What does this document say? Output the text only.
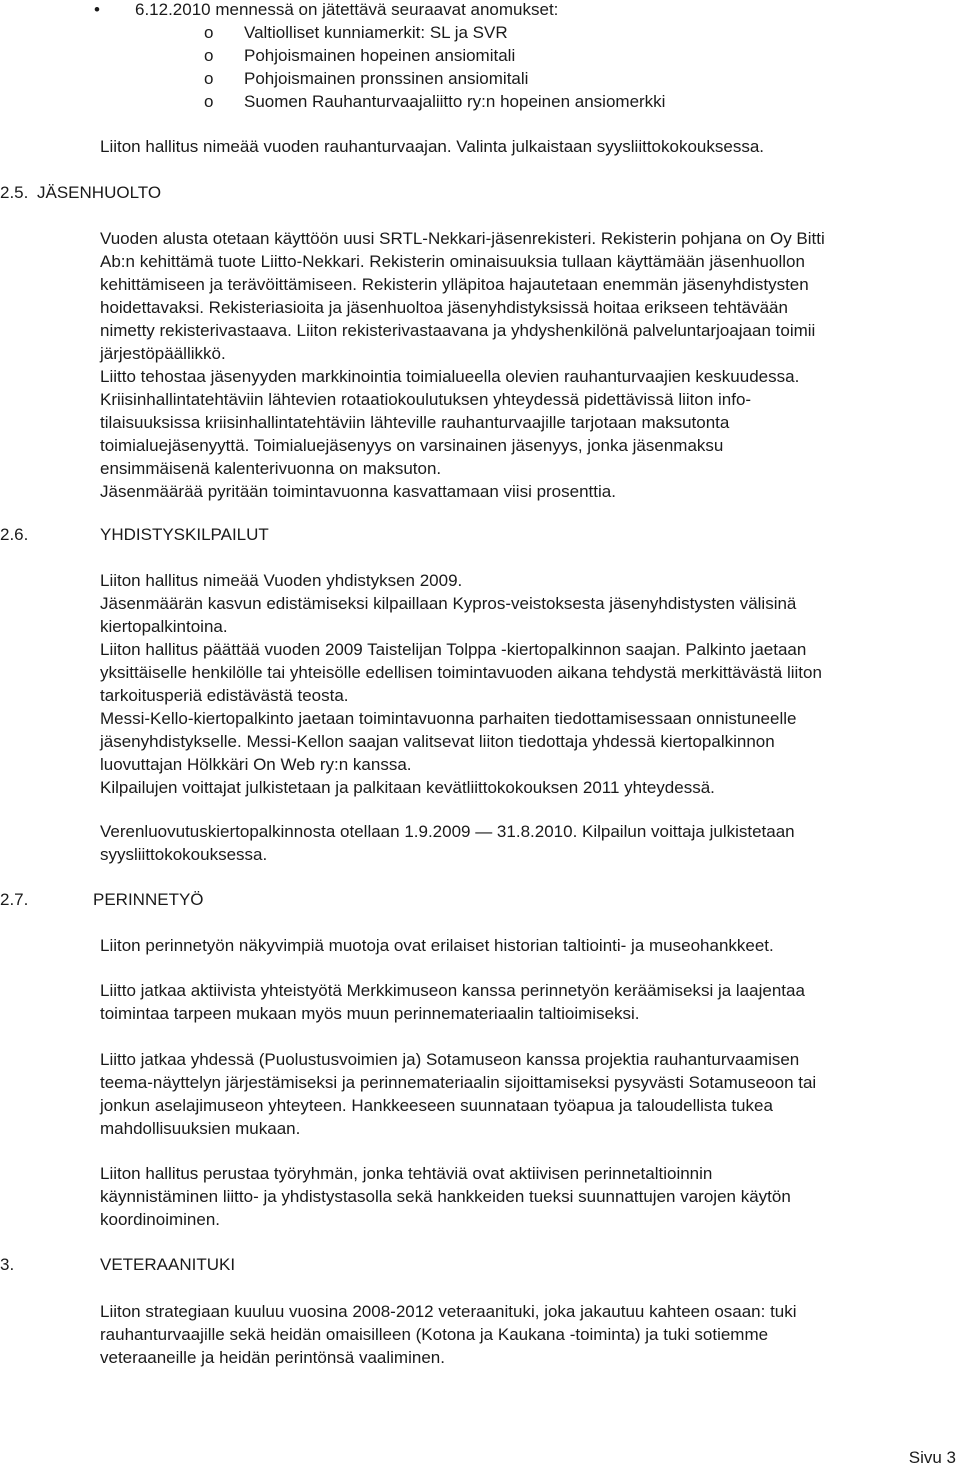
• 6.12.2010 mennessä on jätettävä seuraavat anomukset:
o Valtiolliset kunniamerkit: SL ja SVR
o Pohjoismainen hopeinen ansiomitali
o Pohjoismainen pronssinen ansiomitali
o Suomen Rauhanturvaajaliitto ry:n hopeinen ansiomerkki
Liiton hallitus nimeää vuoden rauhanturvaajan. Valinta julkaistaan syysliittokokouksessa.
2.5. JÄSENHUOLTO
Vuoden alusta otetaan käyttöön uusi SRTL-Nekkari-jäsenrekisteri. Rekisterin pohjana on Oy Bitti
Ab:n kehittämä tuote Liitto-Nekkari. Rekisterin ominaisuuksia tullaan käyttämään jäsenhuollon
kehittämiseen ja terävöittämiseen. Rekisterin ylläpitoa hajautetaan enemmän jäsenyhdistysten
hoidettavaksi. Rekisteriasioita ja jäsenhuoltoa jäsenyhdistyksissä hoitaa erikseen tehtävään
nimetty rekisterivastaava. Liiton rekisterivastaavana ja yhdyshenkilönä palveluntarjoajaan toimii
järjestöpäällikkö.
Liitto tehostaa jäsenyyden markkinointia toimialueella olevien rauhanturvaajien keskuudessa.
Kriisinhallintatehtäviin lähtevien rotaatiokoulutuksen yhteydessä pidettävissä liiton info-
tilaisuuksissa kriisinhallintatehtäviin lähteville rauhanturvaajille tarjotaan maksutonta
toimialuejäsenyyttä. Toimialuejäsenyys on varsinainen jäsenyys, jonka jäsenmaksu
ensimmäisenä kalenterivuonna on maksuton.
Jäsenmäärää pyritään toimintavuonna kasvattamaan viisi prosenttia.
2.6.	YHDISTYSKILPAILUT
Liiton hallitus nimeää Vuoden yhdistyksen 2009.
Jäsenmäärän kasvun edistämiseksi kilpaillaan Kypros-veistoksesta jäsenyhdistysten välisinä
kiertopalkintoina.
Liiton hallitus päättää vuoden 2009 Taistelijan Tolppa -kiertopalkinnon saajan. Palkinto jaetaan
yksittäiselle henkilölle tai yhteisölle edellisen toimintavuoden aikana tehdystä merkittävästä liiton
tarkoitusperiä edistävästä teosta.
Messi-Kello-kiertopalkinto jaetaan toimintavuonna parhaiten tiedottamisessaan onnistuneelle
jäsenyhdistykselle. Messi-Kellon saajan valitsevat liiton tiedottaja yhdessä kiertopalkinnon
luovuttajan Hölkkäri On Web ry:n kanssa.
Kilpailujen voittajat julkistetaan ja palkitaan kevätliittokokouksen 2011 yhteydessä.
Verenluovutuskiertopalkinnosta otellaan 1.9.2009 — 31.8.2010. Kilpailun voittaja julkistetaan
syysliittokokouksessa.
2.7.	PERINNETYÖ
Liiton perinnetyön näkyvimpiä muotoja ovat erilaiset historian taltiointi- ja museohankkeet.
Liitto jatkaa aktiivista yhteistyötä Merkkimuseon kanssa perinnetyön keräämiseksi ja laajentaa
toimintaa tarpeen mukaan myös muun perinnemateriaalin taltioimiseksi.
Liitto jatkaa yhdessä (Puolustusvoimien ja) Sotamuseon kanssa projektia rauhanturvaamisen
teema-näyttelyn järjestämiseksi ja perinnemateriaalin sijoittamiseksi pysyvästi Sotamuseoon tai
jonkun aselajimuseon yhteyteen. Hankkeeseen suunnataan työapua ja taloudellista tukea
mahdollisuuksien mukaan.
Liiton hallitus perustaa työryhmän, jonka tehtäviä ovat aktiivisen perinnetaltioinnin
käynnistäminen liitto- ja yhdistystasolla sekä hankkeiden tueksi suunnattujen varojen käytön
koordinoiminen.
3.	VETERAANITUKI
Liiton strategiaan kuuluu vuosina 2008-2012 veteraanituki, joka jakautuu kahteen osaan: tuki
rauhanturvaajille sekä heidän omaisilleen (Kotona ja Kaukana -toiminta) ja tuki sotiemme
veteraaneille ja heidän perintönsä vaaliminen.
Sivu 3
